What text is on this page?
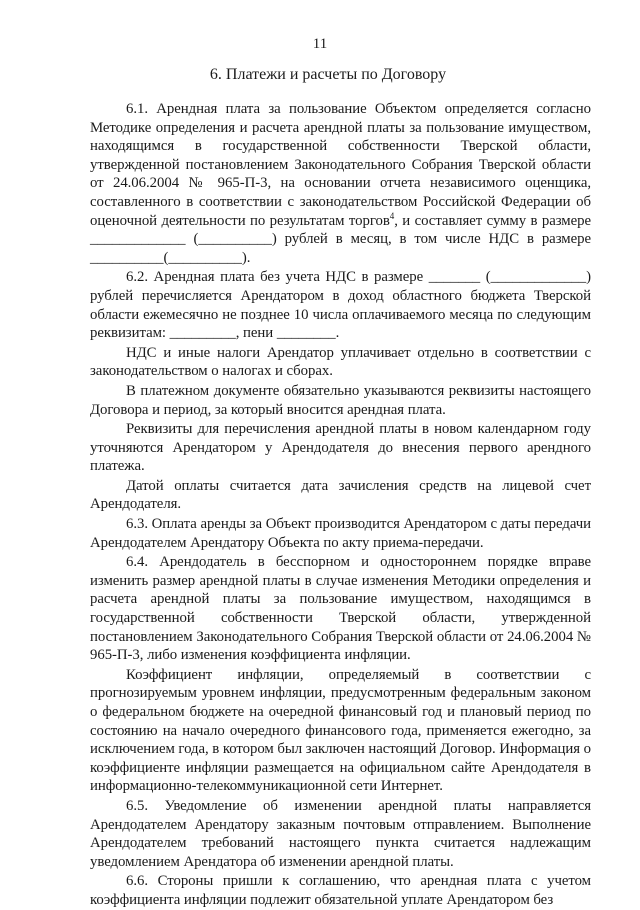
11
6. Платежи и расчеты по Договору

6.1. Арендная плата за пользование Объектом определяется согласно Методике определения и расчета арендной платы за пользование имуществом, находящимся в государственной собственности Тверской области, утвержденной постановлением Законодательного Собрания Тверской области от 24.06.2004 № 965-П-3, на основании отчета независимого оценщика, составленного в соответствии с законодательством Российской Федерации об оценочной деятельности по результатам торгов$^4$, и составляет сумму в размере _____________ (__________) рублей в месяц, в том числе НДС в размере __________(__________).

6.2. Арендная плата без учета НДС в размере _______ (_____________) рублей перечисляется Арендатором в доход областного бюджета Тверской области ежемесячно не позднее 10 числа оплачиваемого месяца по следующим реквизитам: _________, пени ________.

НДС и иные налоги Арендатор уплачивает отдельно в соответствии с законодательством о налогах и сборах.

В платежном документе обязательно указываются реквизиты настоящего Договора и период, за который вносится арендная плата.

Реквизиты для перечисления арендной платы в новом календарном году уточняются Арендатором у Арендодателя до внесения первого арендного платежа.

Датой оплаты считается дата зачисления средств на лицевой счет Арендодателя.

6.3. Оплата аренды за Объект производится Арендатором с даты передачи Арендодателем Арендатору Объекта по акту приема-передачи.

6.4. Арендодатель в бесспорном и одностороннем порядке вправе изменить размер арендной платы в случае изменения Методики определения и расчета арендной платы за пользование имуществом, находящимся в государственной собственности Тверской области, утвержденной постановлением Законодательного Собрания Тверской области от 24.06.2004 № 965-П-3, либо изменения коэффициента инфляции.

Коэффициент инфляции, определяемый в соответствии с прогнозируемым уровнем инфляции, предусмотренным федеральным законом о федеральном бюджете на очередной финансовый год и плановый период по состоянию на начало очередного финансового года, применяется ежегодно, за исключением года, в котором был заключен настоящий Договор. Информация о коэффициенте инфляции размещается на официальном сайте Арендодателя в информационно-телекоммуникационной сети Интернет.

6.5. Уведомление об изменении арендной платы направляется Арендодателем Арендатору заказным почтовым отправлением. Выполнение Арендодателем требований настоящего пункта считается надлежащим уведомлением Арендатора об изменении арендной платы.

6.6. Стороны пришли к соглашению, что арендная плата с учетом коэффициента инфляции подлежит обязательной уплате Арендатором без
